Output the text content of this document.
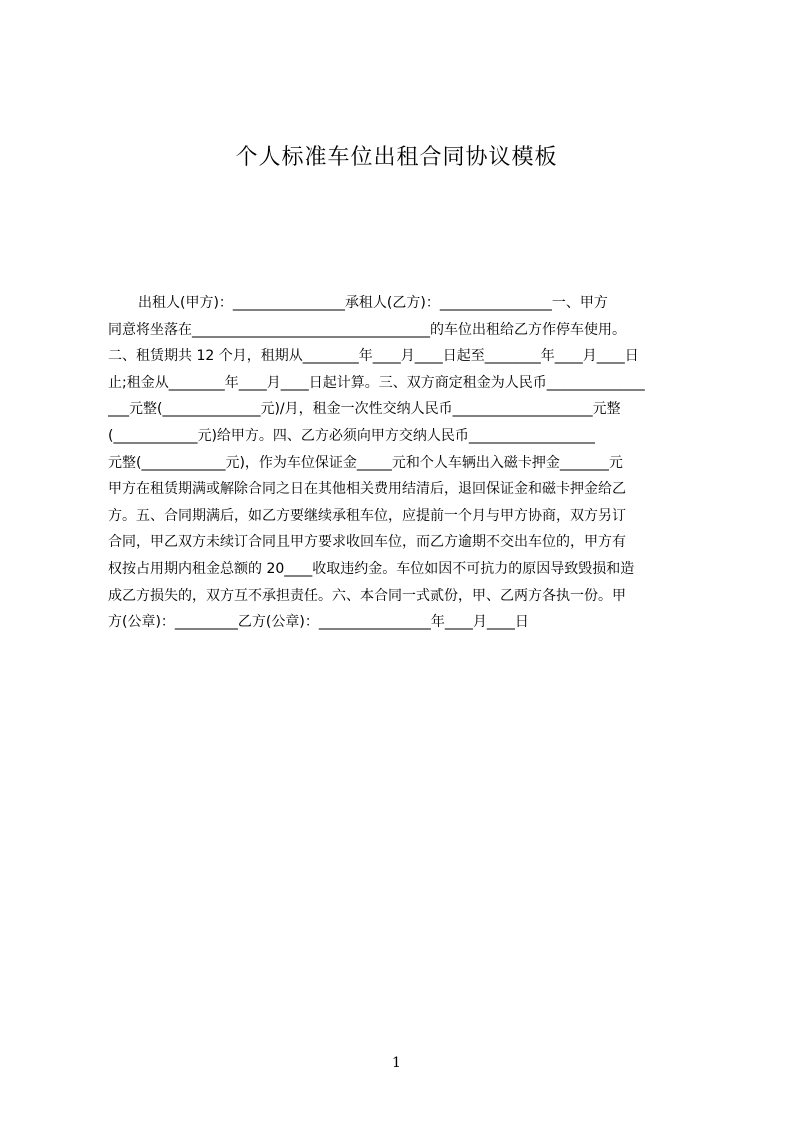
个人标准车位出租合同协议模板
出租人(甲方)：________________承租人(乙方)：________________一、甲方
同意将坐落在__________________________________的车位出租给乙方作停车使用。
二、租赁期共 12 个月，租期从________年____月____日起至________年____月____日
止;租金从________年____月____日起计算。三、双方商定租金为人民币______________
___元整(______________元)/月，租金一次性交纳人民币____________________元整
(____________元)给甲方。四、乙方必须向甲方交纳人民币__________________
元整(____________元)，作为车位保证金_____元和个人车辆出入磁卡押金_______元
甲方在租赁期满或解除合同之日在其他相关费用结清后，退回保证金和磁卡押金给乙
方。五、合同期满后，如乙方要继续承租车位，应提前一个月与甲方协商，双方另订
合同，甲乙双方未续订合同且甲方要求收回车位，而乙方逾期不交出车位的，甲方有
权按占用期内租金总额的 20____收取违约金。车位如因不可抗力的原因导致毁损和造
成乙方损失的，双方互不承担责任。六、本合同一式贰份，甲、乙两方各执一份。甲
方(公章)：_________乙方(公章)：________________年____月____日
1
